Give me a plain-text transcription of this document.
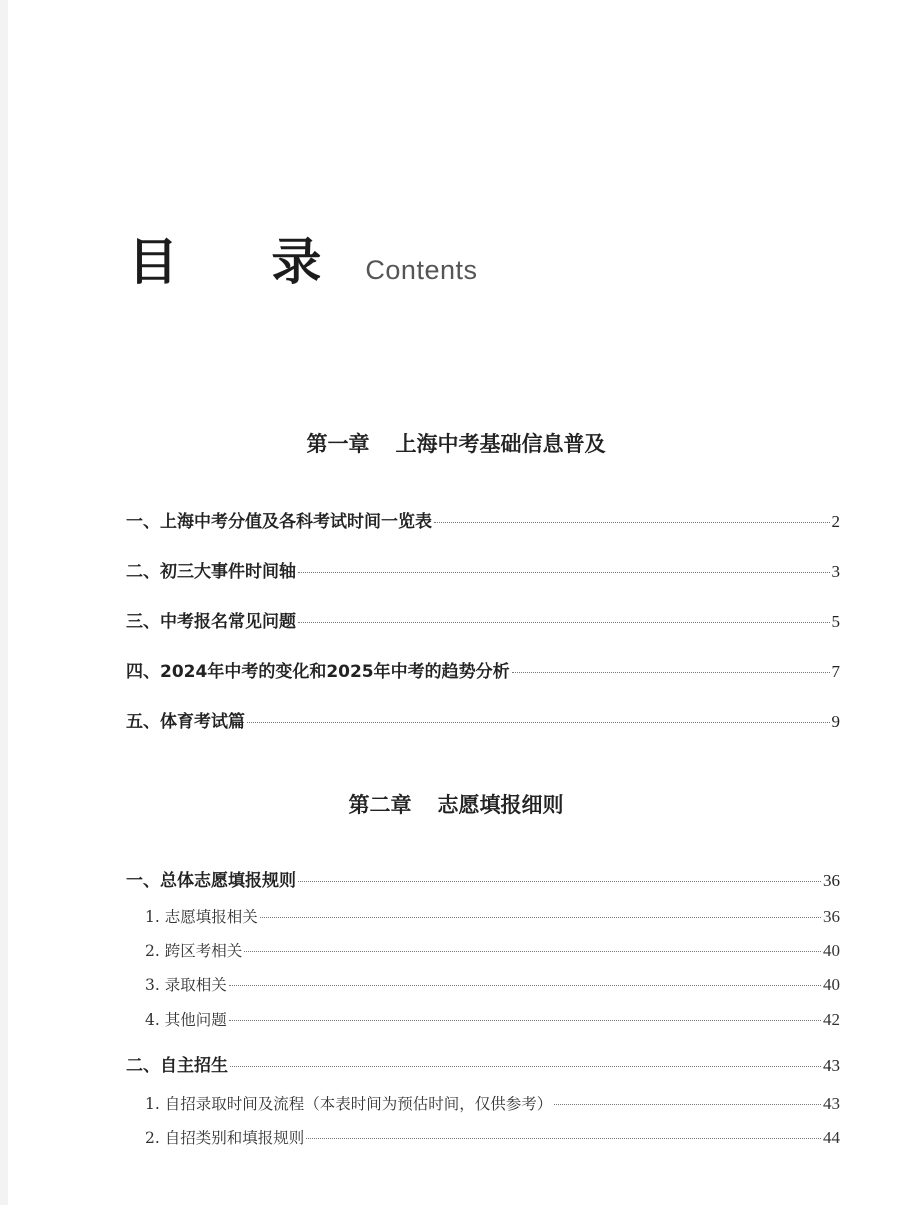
目 录 Contents
第一章 上海中考基础信息普及
一、上海中考分值及各科考试时间一览表	2
二、初三大事件时间轴	3
三、中考报名常见问题	5
四、2024年中考的变化和2025年中考的趋势分析	7
五、体育考试篇	9
第二章 志愿填报细则
一、总体志愿填报规则	36
1. 志愿填报相关	36
2. 跨区考相关	40
3. 录取相关	40
4. 其他问题	42
二、自主招生	43
1. 自招录取时间及流程（本表时间为预估时间，仅供参考）	43
2. 自招类别和填报规则	44
